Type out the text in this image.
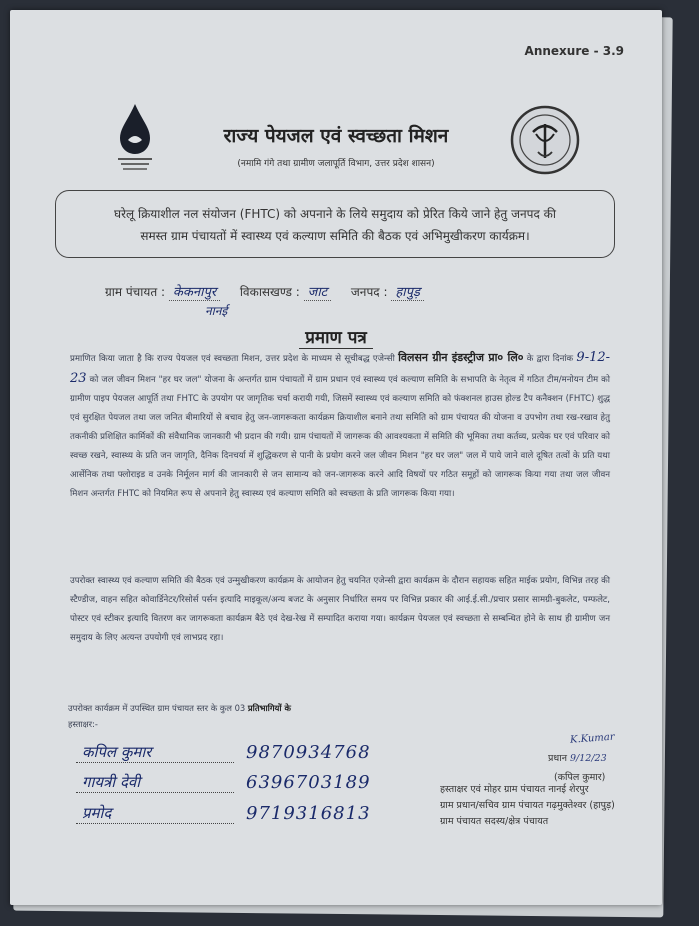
Annexure - 3.9
राज्य पेयजल एवं स्वच्छता मिशन
(नमामि गंगे तथा ग्रामीण जलापूर्ति विभाग, उत्तर प्रदेश शासन)
घरेलू क्रियाशील नल संयोजन (FHTC) को अपनाने के लिये समुदाय को प्रेरित किये जाने हेतु जनपद की
समस्त ग्राम पंचायतों में स्वास्थ्य एवं कल्याण समिति की बैठक एवं अभिमुखीकरण कार्यक्रम।
ग्राम पंचायत : केकनापुर विकासखण्ड : जाट जनपद : हापुड़
नानई
प्रमाण पत्र
प्रमाणित किया जाता है कि राज्य पेयजल एवं स्वच्छता मिशन, उत्तर प्रदेश के माध्यम से सूचीबद्ध एजेन्सी विलसन ग्रीन इंडस्ट्रीज प्रा० लि० के द्वारा दिनांक 9-12-23 को जल जीवन मिशन "हर घर जल" योजना के अन्तर्गत ग्राम पंचायतों में ग्राम प्रधान एवं स्वास्थ्य एवं कल्याण समिति के सभापति के नेतृत्व में गठित टीम/मनोयन टीम को ग्रामीण पाइप पेयजल आपूर्ति तथा FHTC के उपयोग पर जागृतिक चर्चा करायी गयी, जिसमें स्वास्थ्य एवं कल्याण समिति को फंक्शनल हाउस होल्ड टैप कनैक्शन (FHTC) शुद्ध एवं सुरक्षित पेयजल तथा जल जनित बीमारियों से बचाव हेतु जन-जागरूकता कार्यक्रम क्रियाशील बनाने तथा समिति को ग्राम पंचायत की योजना व उपभोग तथा रख-रखाव हेतु तकनीकी प्रशिक्षित कार्मिकों की संवैधानिक जानकारी भी प्रदान की गयी। ग्राम पंचायतों में जागरूक की आवश्यकता में समिति की भूमिका तथा कर्तव्य, प्रत्येक घर एवं परिवार को स्वच्छ रखने, स्वास्थ्य के प्रति जन जागृति, दैनिक दिनचर्या में शुद्धिकरण से पानी के प्रयोग करने जल जीवन मिशन "हर घर जल" जल में पाये जाने वाले दूषित तत्वों के प्रति यथा आर्सेनिक तथा फ्लोराइड व उनके निर्मूलन मार्ग की जानकारी से जन सामान्य को जन-जागरूक करने आदि विषयों पर गठित समूहों को जागरूक किया गया तथा जल जीवन मिशन अन्तर्गत FHTC को नियमित रूप से अपनाने हेतु स्वास्थ्य एवं कल्याण समिति को स्वच्छता के प्रति जागरूक किया गया।
उपरोक्त स्वास्थ्य एवं कल्याण समिति की बैठक एवं उन्मुखीकरण कार्यक्रम के आयोजन हेतु चयनित एजेन्सी द्वारा कार्यक्रम के दौरान सहायक सहित माईक प्रयोग, विभिन्न तरह की स्टैण्डीज, वाहन सहित कोवार्डिनेटर/रिसोर्स पर्सन इत्यादि माइकूल/अन्य बजट के अनुसार निर्धारित समय पर विभिन्न प्रकार की आई.ई.सी./प्रचार प्रसार सामग्री-बुकलेट, पम्फलेट, पोस्टर एवं स्टीकर इत्यादि वितरण कर जागरूकता कार्यक्रम बैठे एवं देख-रेख में सम्पादित कराया गया। कार्यक्रम पेयजल एवं स्वच्छता से सम्बन्धित होने के साथ ही ग्रामीण जन समुदाय के लिए अत्यन्त उपयोगी एवं लाभप्रद रहा।
उपरोक्त कार्यक्रम में उपस्थित ग्राम पंचायत स्तर के कुल 03 प्रतिभागियों के
हस्ताक्षर:-
कपिल कुमार	9870934768
गायत्री देवी	6396703189
प्रमोद	9719316813
K.Kumar
प्रधान 9/12/23
(कपिल कुमार)
हस्ताक्षर एवं मोहर ग्राम पंचायत नानई शेरपुर
ग्राम प्रधान/सचिव ग्राम पंचायत गढ़मुक्तेश्वर (हापुड़)
ग्राम पंचायत सदस्य/क्षेत्र पंचायत
